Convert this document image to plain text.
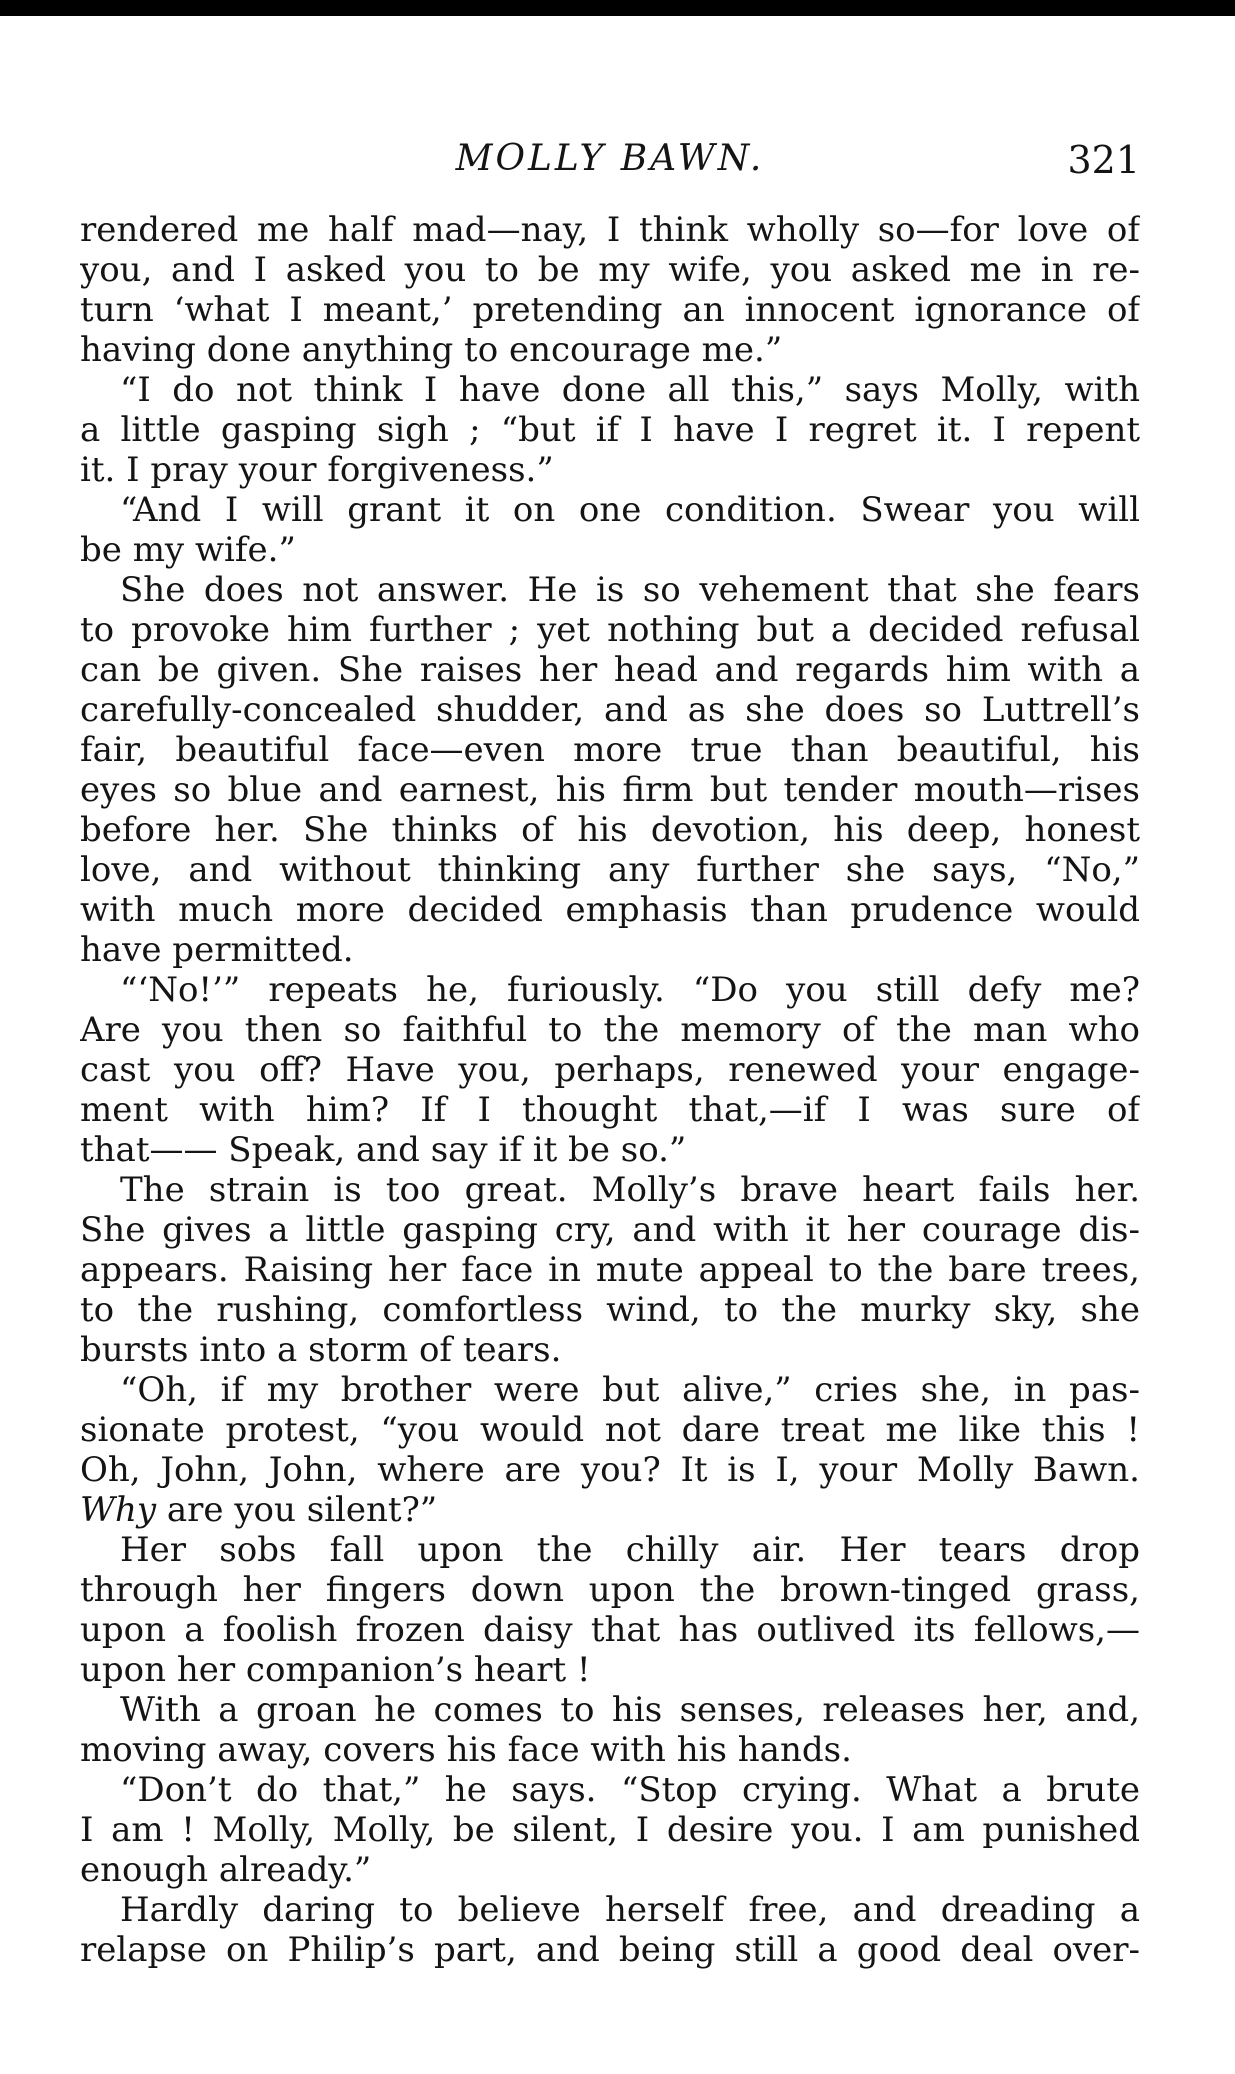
MOLLY BAWN.	321
rendered me half mad—nay, I think wholly so—for love of
you, and I asked you to be my wife, you asked me in re-
turn ‘what I meant,’ pretending an innocent ignorance of
having done anything to encourage me.”
“I do not think I have done all this,” says Molly, with
a little gasping sigh ; “but if I have I regret it. I repent
it. I pray your forgiveness.”
“And I will grant it on one condition. Swear you will
be my wife.”
She does not answer. He is so vehement that she fears
to provoke him further ; yet nothing but a decided refusal
can be given. She raises her head and regards him with a
carefully-concealed shudder, and as she does so Luttrell’s
fair, beautiful face—even more true than beautiful, his
eyes so blue and earnest, his firm but tender mouth—rises
before her. She thinks of his devotion, his deep, honest
love, and without thinking any further she says, “No,”
with much more decided emphasis than prudence would
have permitted.
“‘No!’” repeats he, furiously. “Do you still defy me?
Are you then so faithful to the memory of the man who
cast you off? Have you, perhaps, renewed your engage-
ment with him? If I thought that,—if I was sure of
that—— Speak, and say if it be so.”
The strain is too great. Molly’s brave heart fails her.
She gives a little gasping cry, and with it her courage dis-
appears. Raising her face in mute appeal to the bare trees,
to the rushing, comfortless wind, to the murky sky, she
bursts into a storm of tears.
“Oh, if my brother were but alive,” cries she, in pas-
sionate protest, “you would not dare treat me like this !
Oh, John, John, where are you? It is I, your Molly Bawn.
Why are you silent?”
Her sobs fall upon the chilly air. Her tears drop
through her fingers down upon the brown-tinged grass,
upon a foolish frozen daisy that has outlived its fellows,—
upon her companion’s heart !
With a groan he comes to his senses, releases her, and,
moving away, covers his face with his hands.
“Don’t do that,” he says. “Stop crying. What a brute
I am ! Molly, Molly, be silent, I desire you. I am punished
enough already.”
Hardly daring to believe herself free, and dreading a
relapse on Philip’s part, and being still a good deal over-
